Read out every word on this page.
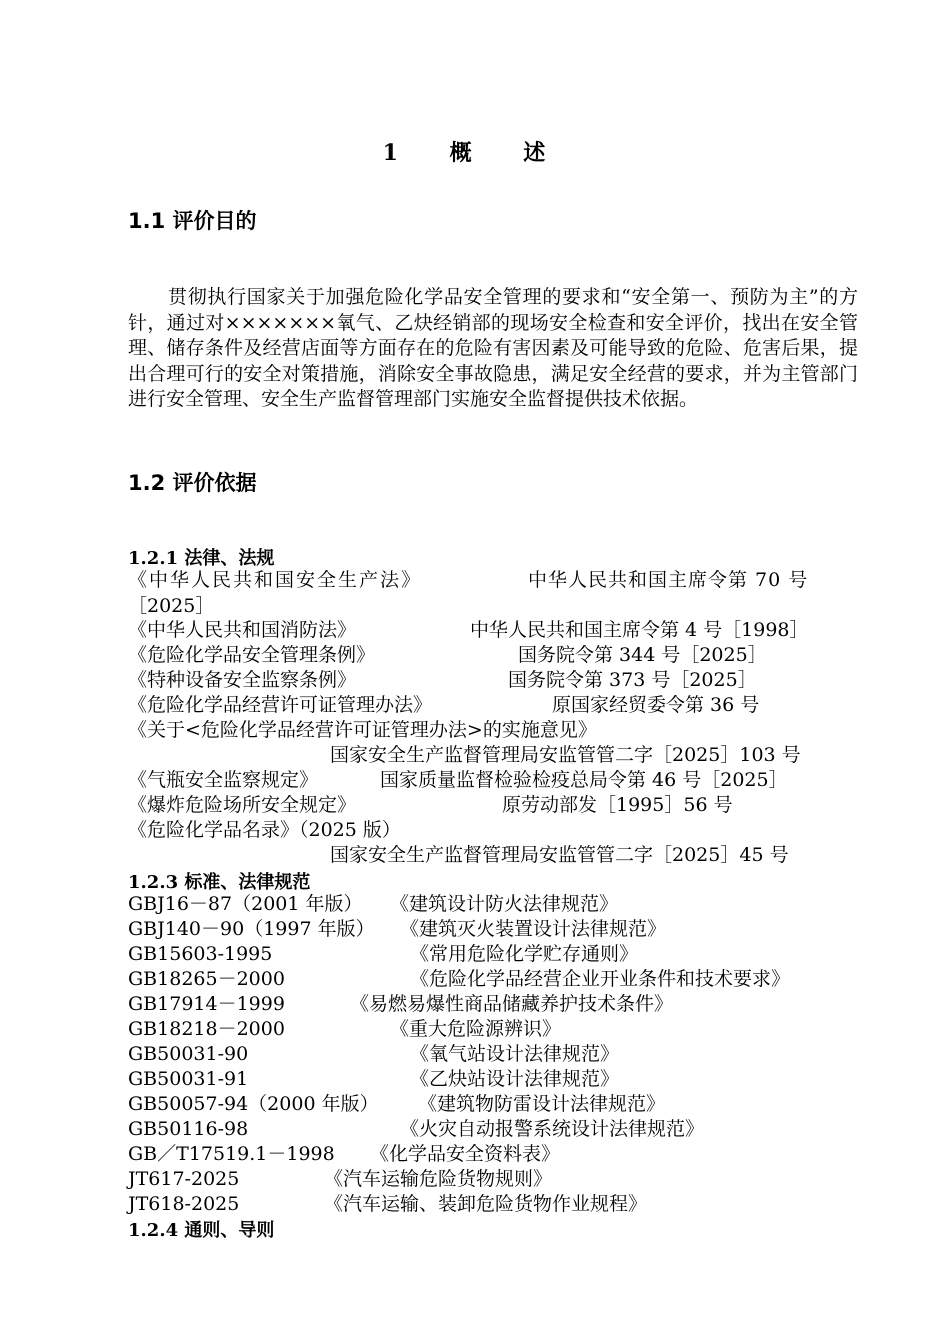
1 概 述
1.1 评价目的
贯彻执行国家关于加强危险化学品安全管理的要求和“安全第一、预防为主”的方针，通过对×××××××氧气、乙炔经销部的现场安全检查和安全评价，找出在安全管理、储存条件及经营店面等方面存在的危险有害因素及可能导致的危险、危害后果，提出合理可行的安全对策措施，消除安全事故隐患，满足安全经营的要求，并为主管部门进行安全管理、安全生产监督管理部门实施安全监督提供技术依据。
1.2 评价依据
1.2.1 法律、法规
《中华人民共和国安全生产法》	中华人民共和国主席令第 70 号
［2025］
《中华人民共和国消防法》	中华人民共和国主席令第 4 号［1998］
《危险化学品安全管理条例》	国务院令第 344 号［2025］
《特种设备安全监察条例》	国务院令第 373 号［2025］
《危险化学品经营许可证管理办法》	原国家经贸委令第 36 号
《关于<危险化学品经营许可证管理办法>的实施意见》
国家安全生产监督管理局安监管管二字［2025］103 号
《气瓶安全监察规定》	国家质量监督检验检疫总局令第 46 号［2025］
《爆炸危险场所安全规定》	原劳动部发［1995］56 号
《危险化学品名录》（2025 版）
国家安全生产监督管理局安监管管二字［2025］45 号
1.2.3 标准、法律规范
GBJ16－87（2001 年版） 《建筑设计防火法律规范》
GBJ140－90（1997 年版） 《建筑灭火装置设计法律规范》
GB15603-1995	《常用危险化学贮存通则》
GB18265－2000	《危险化学品经营企业开业条件和技术要求》
GB17914－1999	《易燃易爆性商品储藏养护技术条件》
GB18218－2000	《重大危险源辨识》
GB50031-90	《氧气站设计法律规范》
GB50031-91	《乙炔站设计法律规范》
GB50057-94（2000 年版） 《建筑物防雷设计法律规范》
GB50116-98	《火灾自动报警系统设计法律规范》
GB／T17519.1－1998 《化学品安全资料表》
JT617-2025	《汽车运输危险货物规则》
JT618-2025	《汽车运输、装卸危险货物作业规程》
1.2.4 通则、导则
